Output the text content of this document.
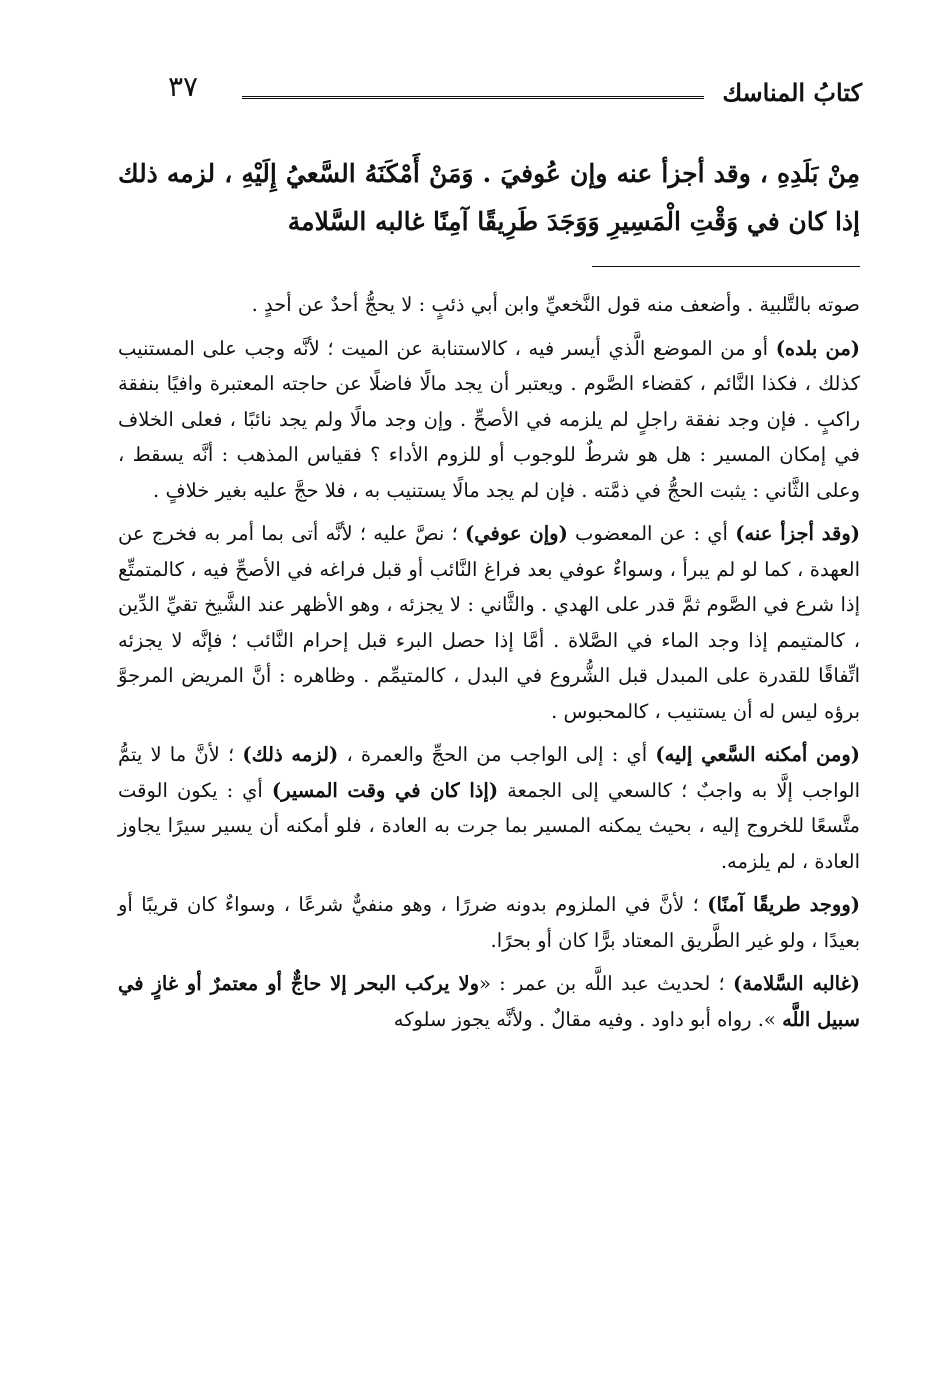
كتابُ المناسك
٣٧
مِنْ بَلَدِهِ ، وقد أجزأ عنه وإن عُوفيَ . وَمَنْ أَمْكَنَهُ السَّعيُ إِلَيْهِ ، لزمه ذلك إذا كان في وَقْتِ الْمَسِيرِ وَوَجَدَ طَرِيقًا آمِنًا غالبه السَّلامة

صوته بالتَّلبية . وأضعف منه قول النَّخعيِّ وابن أبي ذئبٍ : لا يحجُّ أحدٌ عن أحدٍ .

(من بلده) أو من الموضع الَّذي أيسر فيه ، كالاستنابة عن الميت ؛ لأنَّه وجب على المستنيب كذلك ، فكذا النَّائم ، كقضاء الصَّوم . ويعتبر أن يجد مالًا فاضلًا عن حاجته المعتبرة وافيًا بنفقة راكبٍ . فإن وجد نفقة راجلٍ لم يلزمه في الأصحِّ . وإن وجد مالًا ولم يجد نائبًا ، فعلى الخلاف في إمكان المسير : هل هو شرطٌ للوجوب أو للزوم الأداء ؟ فقياس المذهب : أنَّه يسقط ، وعلى الثَّاني : يثبت الحجُّ في ذمَّته . فإن لم يجد مالًا يستنيب به ، فلا حجَّ عليه بغير خلافٍ .

(وقد أجزأ عنه) أي : عن المعضوب (وإن عوفي) ؛ نصَّ عليه ؛ لأنَّه أتى بما أمر به فخرج عن العهدة ، كما لو لم يبرأ ، وسواءٌ عوفي بعد فراغ النَّائب أو قبل فراغه في الأصحِّ فيه ، كالمتمتِّع إذا شرع في الصَّوم ثمَّ قدر على الهدي . والثَّاني : لا يجزئه ، وهو الأظهر عند الشَّيخ تقيِّ الدِّين ، كالمتيمم إذا وجد الماء في الصَّلاة . أمَّا إذا حصل البرء قبل إحرام النَّائب ؛ فإنَّه لا يجزئه اتِّفاقًا للقدرة على المبدل قبل الشُّروع في البدل ، كالمتيمِّم . وظاهره : أنَّ المريض المرجوَّ برؤه ليس له أن يستنيب ، كالمحبوس .

(ومن أمكنه السَّعي إليه) أي : إلى الواجب من الحجِّ والعمرة ، (لزمه ذلك) ؛ لأنَّ ما لا يتمُّ الواجب إلَّا به واجبٌ ؛ كالسعي إلى الجمعة (إذا كان في وقت المسير) أي : يكون الوقت متَّسعًا للخروج إليه ، بحيث يمكنه المسير بما جرت به العادة ، فلو أمكنه أن يسير سيرًا يجاوز العادة ، لم يلزمه.

(ووجد طريقًا آمنًا) ؛ لأنَّ في الملزوم بدونه ضررًا ، وهو منفيٌّ شرعًا ، وسواءٌ كان قريبًا أو بعيدًا ، ولو غير الطَّريق المعتاد برًّا كان أو بحرًا.

(غالبه السَّلامة) ؛ لحديث عبد اللَّه بن عمر : «ولا يركب البحر إلا حاجٌّ أو معتمرٌ أو غازٍ في سبيل اللَّه ». رواه أبو داود . وفيه مقالٌ . ولأنَّه يجوز سلوكه
